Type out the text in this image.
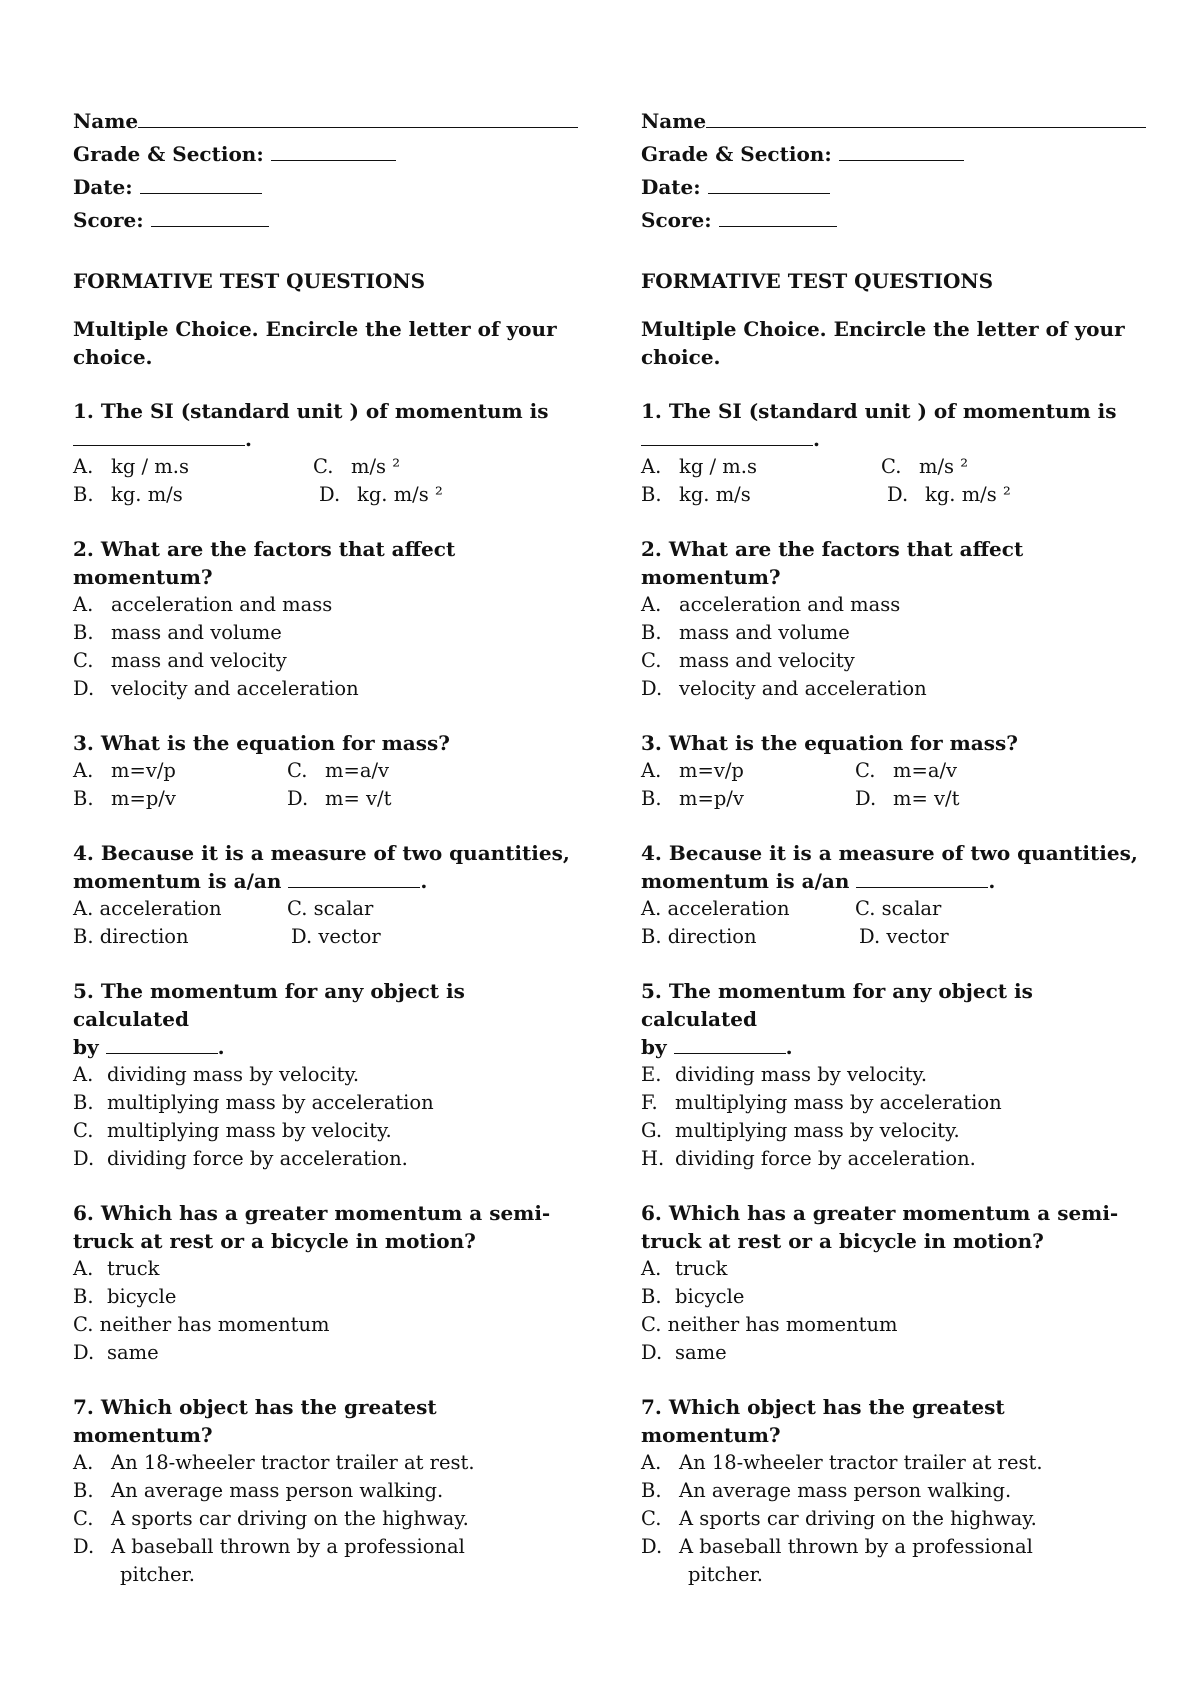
Name
Grade & Section:
Date:
Score:
FORMATIVE TEST QUESTIONS
Multiple Choice. Encircle the letter of your choice.
1. The SI (standard unit ) of momentum is
.
A. kg / m.s	C. m/s ²
B. kg. m/s	D. kg. m/s ²
2. What are the factors that affect momentum?
A. acceleration and mass
B. mass and volume
C. mass and velocity
D. velocity and acceleration
3. What is the equation for mass?
A. m=v/p	C. m=a/v
B. m=p/v	D. m= v/t
4. Because it is a measure of two quantities,
momentum is a/an	.
A. acceleration	C. scalar
B. direction	D. vector
5. The momentum for any object is calculated
by	.
A. dividing mass by velocity.
B. multiplying mass by acceleration
C. multiplying mass by velocity.
D. dividing force by acceleration.
6. Which has a greater momentum a semi-
truck at rest or a bicycle in motion?
A. truck
B. bicycle
C. neither has momentum
D. same
7. Which object has the greatest momentum?
A. An 18-wheeler tractor trailer at rest.
B. An average mass person walking.
C. A sports car driving on the highway.
D. A baseball thrown by a professional
pitcher.
Name
Grade & Section:
Date:
Score:
FORMATIVE TEST QUESTIONS
Multiple Choice. Encircle the letter of your choice.
1. The SI (standard unit ) of momentum is
.
A. kg / m.s	C. m/s ²
B. kg. m/s	D. kg. m/s ²
2. What are the factors that affect momentum?
A. acceleration and mass
B. mass and volume
C. mass and velocity
D. velocity and acceleration
3. What is the equation for mass?
A. m=v/p	C. m=a/v
B. m=p/v	D. m= v/t
4. Because it is a measure of two quantities,
momentum is a/an	.
A. acceleration	C. scalar
B. direction	D. vector
5. The momentum for any object is calculated
by	.
E. dividing mass by velocity.
F. multiplying mass by acceleration
G. multiplying mass by velocity.
H. dividing force by acceleration.
6. Which has a greater momentum a semi-
truck at rest or a bicycle in motion?
A. truck
B. bicycle
C. neither has momentum
D. same
7. Which object has the greatest momentum?
A. An 18-wheeler tractor trailer at rest.
B. An average mass person walking.
C. A sports car driving on the highway.
D. A baseball thrown by a professional
pitcher.
